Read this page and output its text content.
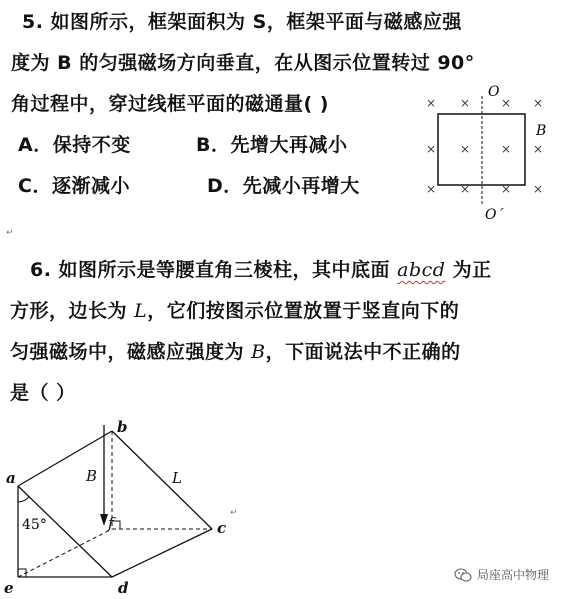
5. 如图所示，框架面积为 S，框架平面与磁感应强
度为 B 的匀强磁场方向垂直，在从图示位置转过 90°
角过程中，穿过线框平面的磁通量( )
A．保持不变	B．先增大再减小
C．逐渐减小	D．先减小再增大
↵
× ×	× ×
× ×	× ×
× ×	× ×
O
O´
B
6. 如图所示是等腰直角三棱柱，其中底面 abcd 为正
方形，边长为 L，它们按图示位置放置于竖直向下的
匀强磁场中，磁感应强度为 B，下面说法中不正确的
是（ ）
a
b
c
d
e
f
B	L
45°
↵
局座高中物理
